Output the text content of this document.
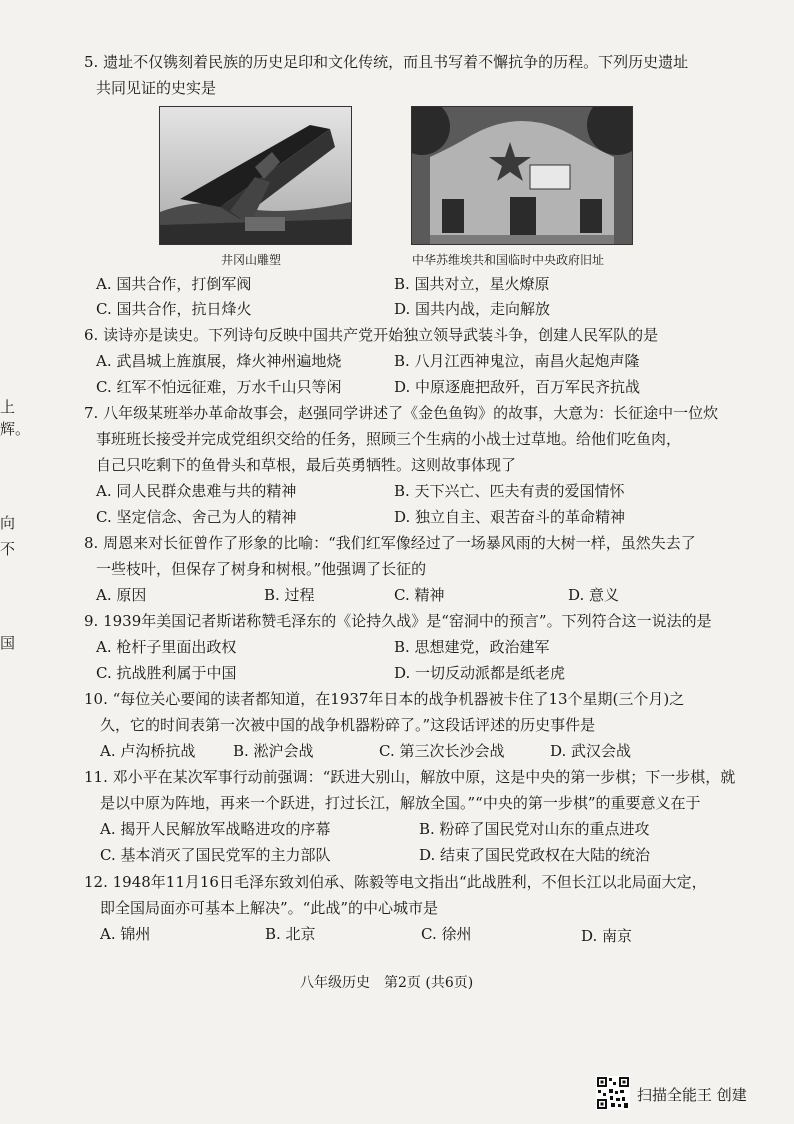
上
辉。
向
不
国
5. 遗址不仅镌刻着民族的历史足印和文化传统，而且书写着不懈抗争的历程。下列历史遗址
共同见证的史实是
井冈山雕塑	中华苏维埃共和国临时中央政府旧址
A. 国共合作，打倒军阀	B. 国共对立，星火燎原
C. 国共合作，抗日烽火	D. 国共内战，走向解放
6. 读诗亦是读史。下列诗句反映中国共产党开始独立领导武装斗争，创建人民军队的是
A. 武昌城上旌旗展，烽火神州遍地烧	B. 八月江西神鬼泣，南昌火起炮声隆
C. 红军不怕远征难，万水千山只等闲	D. 中原逐鹿把敌歼，百万军民齐抗战
7. 八年级某班举办革命故事会，赵强同学讲述了《金色鱼钩》的故事，大意为：长征途中一位炊
事班班长接受并完成党组织交给的任务，照顾三个生病的小战士过草地。给他们吃鱼肉，
自己只吃剩下的鱼骨头和草根，最后英勇牺牲。这则故事体现了
A. 同人民群众患难与共的精神	B. 天下兴亡、匹夫有责的爱国情怀
C. 坚定信念、舍己为人的精神	D. 独立自主、艰苦奋斗的革命精神
8. 周恩来对长征曾作了形象的比喻：“我们红军像经过了一场暴风雨的大树一样，虽然失去了
一些枝叶，但保存了树身和树根。”他强调了长征的
A. 原因	B. 过程	C. 精神	D. 意义
9. 1939年美国记者斯诺称赞毛泽东的《论持久战》是“窑洞中的预言”。下列符合这一说法的是
A. 枪杆子里面出政权	B. 思想建党，政治建军
C. 抗战胜利属于中国	D. 一切反动派都是纸老虎
10. “每位关心要闻的读者都知道，在1937年日本的战争机器被卡住了13个星期(三个月)之
久，它的时间表第一次被中国的战争机器粉碎了。”这段话评述的历史事件是
A. 卢沟桥抗战	B. 淞沪会战	C. 第三次长沙会战	D. 武汉会战
11. 邓小平在某次军事行动前强调：“跃进大别山，解放中原，这是中央的第一步棋；下一步棋，就
是以中原为阵地，再来一个跃进，打过长江，解放全国。”“中央的第一步棋”的重要意义在于
A. 揭开人民解放军战略进攻的序幕	B. 粉碎了国民党对山东的重点进攻
C. 基本消灭了国民党军的主力部队	D. 结束了国民党政权在大陆的统治
12. 1948年11月16日毛泽东致刘伯承、陈毅等电文指出“此战胜利，不但长江以北局面大定，
即全国局面亦可基本上解决”。“此战”的中心城市是
A. 锦州	B. 北京	C. 徐州	D. 南京
八年级历史　第2页 (共6页)
扫描全能王 创建
